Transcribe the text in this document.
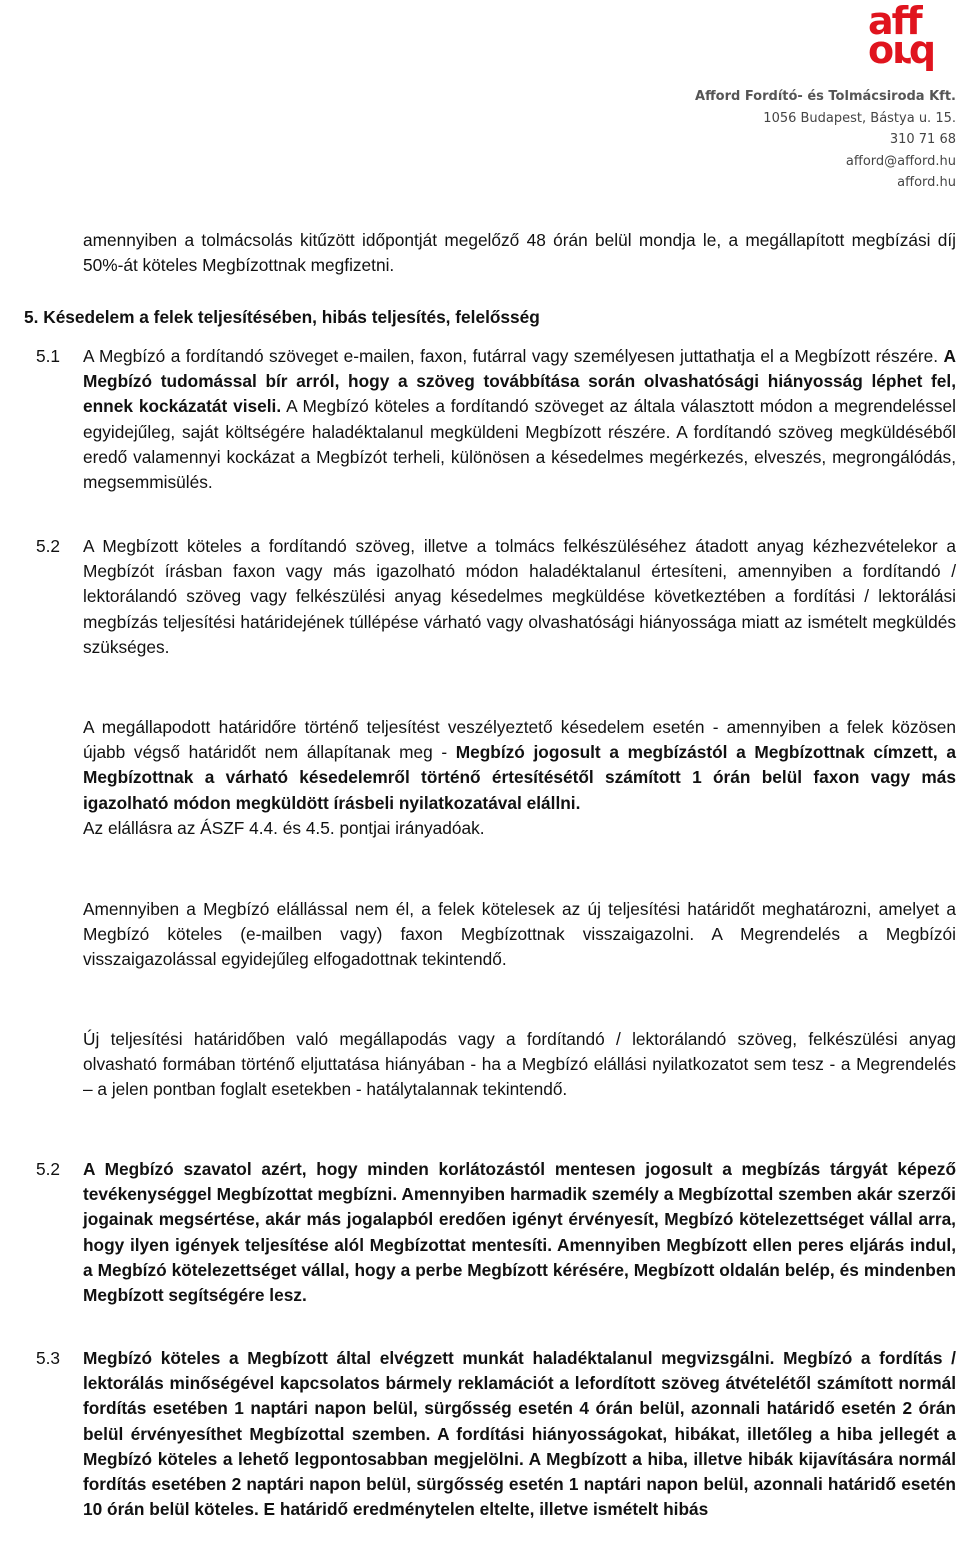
aff
ord
Afford Fordító- és Tolmácsiroda Kft.
1056 Budapest, Bástya u. 15.
310 71 68
afford@afford.hu
afford.hu

amennyiben a tolmácsolás kitűzött időpontját megelőző 48 órán belül mondja le, a megállapított megbízási díj 50%-át köteles Megbízottnak megfizetni.

5. Késedelem a felek teljesítésében, hibás teljesítés, felelősség
5.1 A Megbízó a fordítandó szöveget e-mailen, faxon, futárral vagy személyesen juttathatja el a Megbízott részére. A Megbízó tudomással bír arról, hogy a szöveg továbbítása során olvashatósági hiányosság léphet fel, ennek kockázatát viseli. A Megbízó köteles a fordítandó szöveget az általa választott módon a megrendeléssel egyidejűleg, saját költségére haladéktalanul megküldeni Megbízott részére. A fordítandó szöveg megküldéséből eredő valamennyi kockázat a Megbízót terheli, különösen a késedelmes megérkezés, elveszés, megrongálódás, megsemmisülés.

5.2 A Megbízott köteles a fordítandó szöveg, illetve a tolmács felkészüléséhez átadott anyag kézhezvételekor a Megbízót írásban faxon vagy más igazolható módon haladéktalanul értesíteni, amennyiben a fordítandó / lektorálandó szöveg vagy felkészülési anyag késedelmes megküldése következtében a fordítási / lektorálási megbízás teljesítési határidejének túllépése várható vagy olvashatósági hiányossága miatt az ismételt megküldés szükséges.

A megállapodott határidőre történő teljesítést veszélyeztető késedelem esetén - amennyiben a felek közösen újabb végső határidőt nem állapítanak meg - Megbízó jogosult a megbízástól a Megbízottnak címzett, a Megbízottnak a várható késedelemről történő értesítésétől számított 1 órán belül faxon vagy más igazolható módon megküldött írásbeli nyilatkozatával elállni.
Az elállásra az ÁSZF 4.4. és 4.5. pontjai irányadóak.

Amennyiben a Megbízó elállással nem él, a felek kötelesek az új teljesítési határidőt meghatározni, amelyet a Megbízó köteles (e-mailben vagy) faxon Megbízottnak visszaigazolni. A Megrendelés a Megbízói visszaigazolással egyidejűleg elfogadottnak tekintendő.

Új teljesítési határidőben való megállapodás vagy a fordítandó / lektorálandó szöveg, felkészülési anyag olvasható formában történő eljuttatása hiányában - ha a Megbízó elállási nyilatkozatot sem tesz - a Megrendelés – a jelen pontban foglalt esetekben - hatálytalannak tekintendő.

5.2 A Megbízó szavatol azért, hogy minden korlátozástól mentesen jogosult a megbízás tárgyát képező tevékenységgel Megbízottat megbízni. Amennyiben harmadik személy a Megbízottal szemben akár szerzői jogainak megsértése, akár más jogalapból eredően igényt érvényesít, Megbízó kötelezettséget vállal arra, hogy ilyen igények teljesítése alól Megbízottat mentesíti. Amennyiben Megbízott ellen peres eljárás indul, a Megbízó kötelezettséget vállal, hogy a perbe Megbízott kérésére, Megbízott oldalán belép, és mindenben Megbízott segítségére lesz.

5.3 Megbízó köteles a Megbízott által elvégzett munkát haladéktalanul megvizsgálni. Megbízó a fordítás / lektorálás minőségével kapcsolatos bármely reklamációt a lefordított szöveg átvételétől számított normál fordítás esetében 1 naptári napon belül, sürgősség esetén 4 órán belül, azonnali határidő esetén 2 órán belül érvényesíthet Megbízottal szemben. A fordítási hiányosságokat, hibákat, illetőleg a hiba jellegét a Megbízó köteles a lehető legpontosabban megjelölni. A Megbízott a hiba, illetve hibák kijavítására normál fordítás esetében 2 naptári napon belül, sürgősség esetén 1 naptári napon belül, azonnali határidő esetén 10 órán belül köteles. E határidő eredménytelen eltelte, illetve ismételt hibás
